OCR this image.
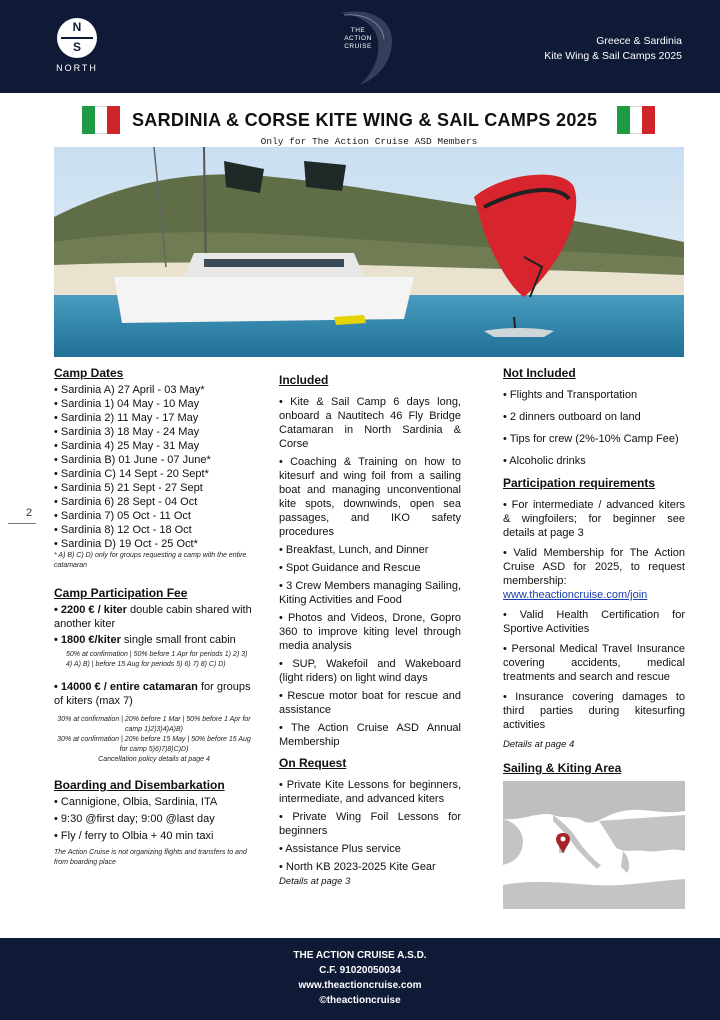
N
S
NORTH
THE
ACTION
CRUISE	Greece & Sardinia
Kite Wing & Sail Camps 2025
SARDINIA & CORSE KITE WING & SAIL CAMPS 2025
Only for The Action Cruise ASD Members
2
Camp Dates
• Sardinia A) 27 April - 03 May*
• Sardinia 1) 04 May - 10 May
• Sardinia 2) 11 May - 17 May
• Sardinia 3) 18 May - 24 May
• Sardinia 4) 25 May - 31 May
• Sardinia B) 01 June - 07 June*
• Sardinia C) 14 Sept - 20 Sept*
• Sardinia 5) 21 Sept - 27 Sept
• Sardinia 6) 28 Sept - 04 Oct
• Sardinia 7) 05 Oct - 11 Oct
• Sardinia 8) 12 Oct - 18 Oct
• Sardinia D) 19 Oct - 25 Oct*
* A) B) C) D) only for groups requesting a camp with the entire catamaran
Camp Participation Fee
• 2200 € / kiter double cabin shared with another kiter
• 1800 €/kiter single small front cabin
50% at confirmation | 50% before 1 Apr for periods 1) 2) 3) 4) A) B) | before 15 Aug for periods 5) 6) 7) 8) C) D)
• 14000 € / entire catamaran for groups of kiters (max 7)
30% at confirmation | 20% before 1 Mar | 50% before 1 Apr for camp 1)2)3)4)A)B)
30% at confirmation | 20% before 15 May | 50% before 15 Aug for camp 5)6)7)8)C)D)
Cancellation policy details at page 4
Boarding and Disembarkation
• Cannigione, Olbia, Sardinia, ITA
• 9:30 @first day; 9:00 @last day
• Fly / ferry to Olbia + 40 min taxi
The Action Cruise is not organizing flights and transfers to and from boarding place
Included
• Kite & Sail Camp 6 days long, onboard a Nautitech 46 Fly Bridge Catamaran in North Sardinia & Corse
• Coaching & Training on how to kitesurf and wing foil from a sailing boat and managing unconventional kite spots, downwinds, open sea passages, and IKO safety procedures
• Breakfast, Lunch, and Dinner
• Spot Guidance and Rescue
• 3 Crew Members managing Sailing, Kiting Activities and Food
• Photos and Videos, Drone, Gopro 360 to improve kiting level through media analysis
• SUP, Wakefoil and Wakeboard (light riders) on light wind days
• Rescue motor boat for rescue and assistance
• The Action Cruise ASD Annual Membership
On Request
• Private Kite Lessons for beginners, intermediate, and advanced kiters
• Private Wing Foil Lessons for beginners
• Assistance Plus service
• North KB 2023-2025 Kite Gear
Details at page 3
Not Included
• Flights and Transportation
• 2 dinners outboard on land
• Tips for crew (2%-10% Camp Fee)
• Alcoholic drinks
Participation requirements
• For intermediate / advanced kiters & wingfoilers; for beginner see details at page 3
• Valid Membership for The Action Cruise ASD for 2025, to request membership:
www.theactioncruise.com/join
• Valid Health Certification for Sportive Activities
• Personal Medical Travel Insurance covering accidents, medical treatments and search and rescue
• Insurance covering damages to third parties during kitesurfing activities
Details at page 4
Sailing & Kiting Area
THE ACTION CRUISE A.S.D.
C.F. 91020050034
www.theactioncruise.com
©theactioncruise
